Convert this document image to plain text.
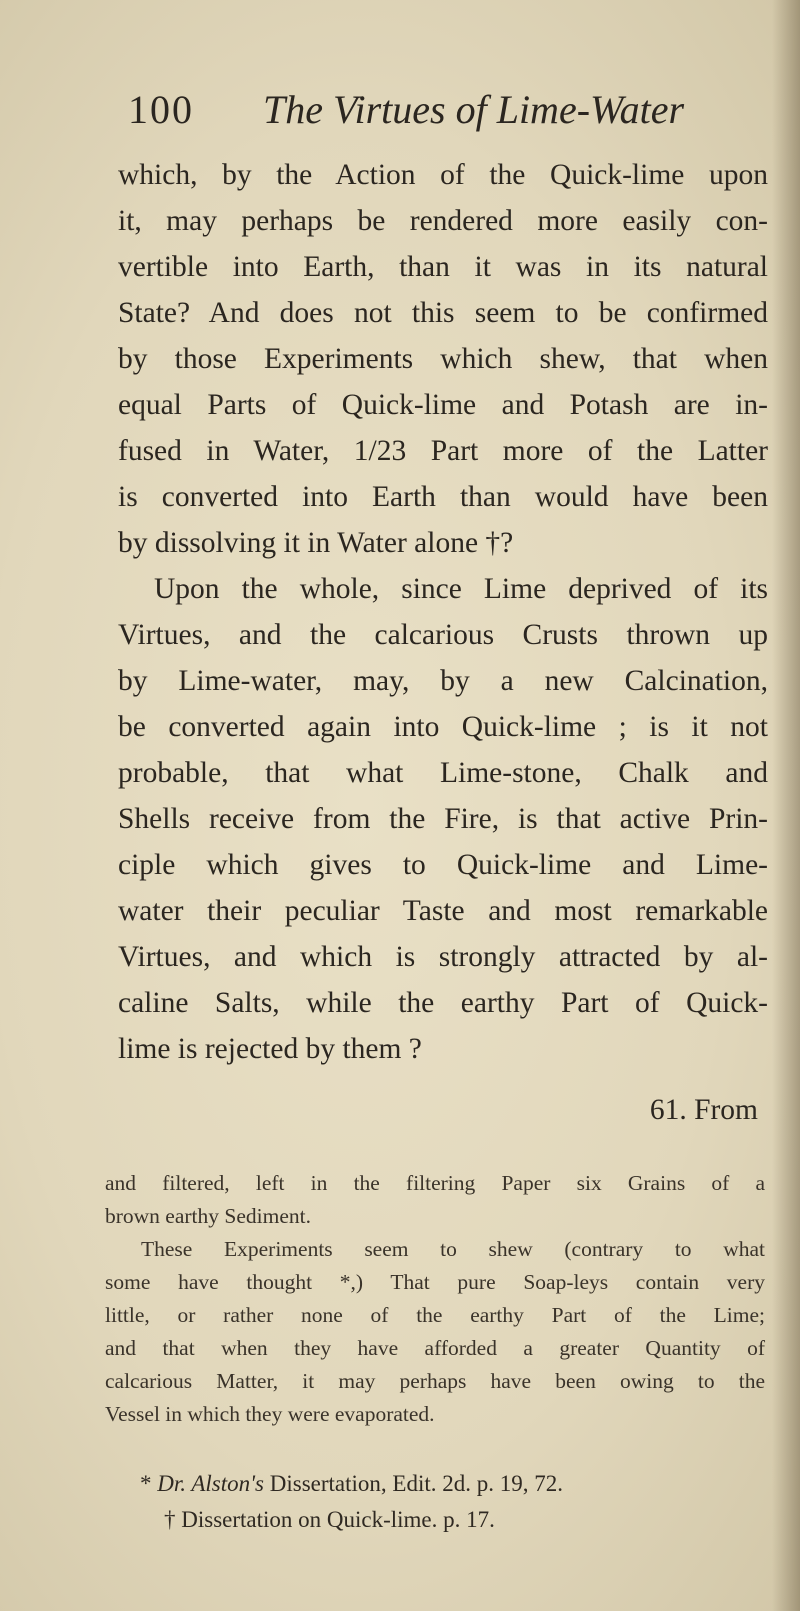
100 The Virtues of Lime-Water
which, by the Action of the Quick-lime upon
it, may perhaps be rendered more easily con-
vertible into Earth, than it was in its natural
State? And does not this seem to be confirmed
by those Experiments which shew, that when
equal Parts of Quick-lime and Potash are in-
fused in Water, 1/23 Part more of the Latter
is converted into Earth than would have been
by dissolving it in Water alone †?
Upon the whole, since Lime deprived of its
Virtues, and the calcarious Crusts thrown up
by Lime-water, may, by a new Calcination,
be converted again into Quick-lime ; is it not
probable, that what Lime-stone, Chalk and
Shells receive from the Fire, is that active Prin-
ciple which gives to Quick-lime and Lime-
water their peculiar Taste and most remarkable
Virtues, and which is strongly attracted by al-
caline Salts, while the earthy Part of Quick-
lime is rejected by them ?
61. From
and filtered, left in the filtering Paper six Grains of a
brown earthy Sediment.
These Experiments seem to shew (contrary to what
some have thought *,) That pure Soap-leys contain very
little, or rather none of the earthy Part of the Lime;
and that when they have afforded a greater Quantity of
calcarious Matter, it may perhaps have been owing to the
Vessel in which they were evaporated.
* Dr. Alston's Dissertation, Edit. 2d. p. 19, 72.
† Dissertation on Quick-lime. p. 17.
